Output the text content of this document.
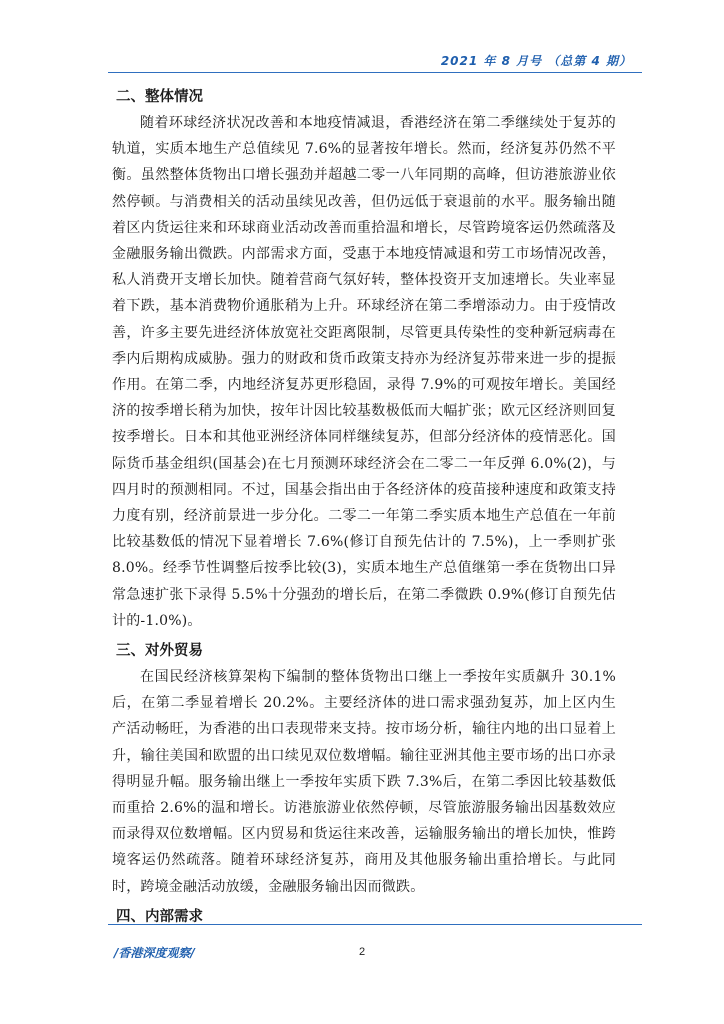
2021 年 8 月号 （总第 4 期）
二、整体情况

随着环球经济状况改善和本地疫情减退，香港经济在第二季继续处于复苏的轨道，实质本地生产总值续见 7.6%的显著按年增长。然而，经济复苏仍然不平衡。虽然整体货物出口增长强劲并超越二零一八年同期的高峰，但访港旅游业依然停顿。与消费相关的活动虽续见改善，但仍远低于衰退前的水平。服务输出随着区内货运往来和环球商业活动改善而重拾温和增长，尽管跨境客运仍然疏落及金融服务输出微跌。内部需求方面，受惠于本地疫情减退和劳工市场情况改善，私人消费开支增长加快。随着营商气氛好转，整体投资开支加速增长。失业率显着下跌，基本消费物价通胀稍为上升。环球经济在第二季增添动力。由于疫情改善，许多主要先进经济体放宽社交距离限制，尽管更具传染性的变种新冠病毒在季内后期构成威胁。强力的财政和货币政策支持亦为经济复苏带来进一步的提振作用。在第二季，内地经济复苏更形稳固，录得 7.9%的可观按年增长。美国经济的按季增长稍为加快，按年计因比较基数极低而大幅扩张；欧元区经济则回复按季增长。日本和其他亚洲经济体同样继续复苏，但部分经济体的疫情恶化。国际货币基金组织(国基会)在七月预测环球经济会在二零二一年反弹 6.0%(2)，与四月时的预测相同。不过，国基会指出由于各经济体的疫苗接种速度和政策支持力度有别，经济前景进一步分化。二零二一年第二季实质本地生产总值在一年前比较基数低的情况下显着增长 7.6%(修订自预先估计的 7.5%)，上一季则扩张 8.0%。经季节性调整后按季比较(3)，实质本地生产总值继第一季在货物出口异常急速扩张下录得 5.5%十分强劲的增长后，在第二季微跌 0.9%(修订自预先估计的-1.0%)。

三、对外贸易

在国民经济核算架构下编制的整体货物出口继上一季按年实质飙升 30.1%后，在第二季显着增长 20.2%。主要经济体的进口需求强劲复苏，加上区内生产活动畅旺，为香港的出口表现带来支持。按市场分析，输往内地的出口显着上升，输往美国和欧盟的出口续见双位数增幅。输往亚洲其他主要市场的出口亦录得明显升幅。服务输出继上一季按年实质下跌 7.3%后，在第二季因比较基数低而重拾 2.6%的温和增长。访港旅游业依然停顿，尽管旅游服务输出因基数效应而录得双位数增幅。区内贸易和货运往来改善，运输服务输出的增长加快，惟跨境客运仍然疏落。随着环球经济复苏，商用及其他服务输出重拾增长。与此同时，跨境金融活动放缓，金融服务输出因而微跌。

四、内部需求
/香港深度观察/	2
